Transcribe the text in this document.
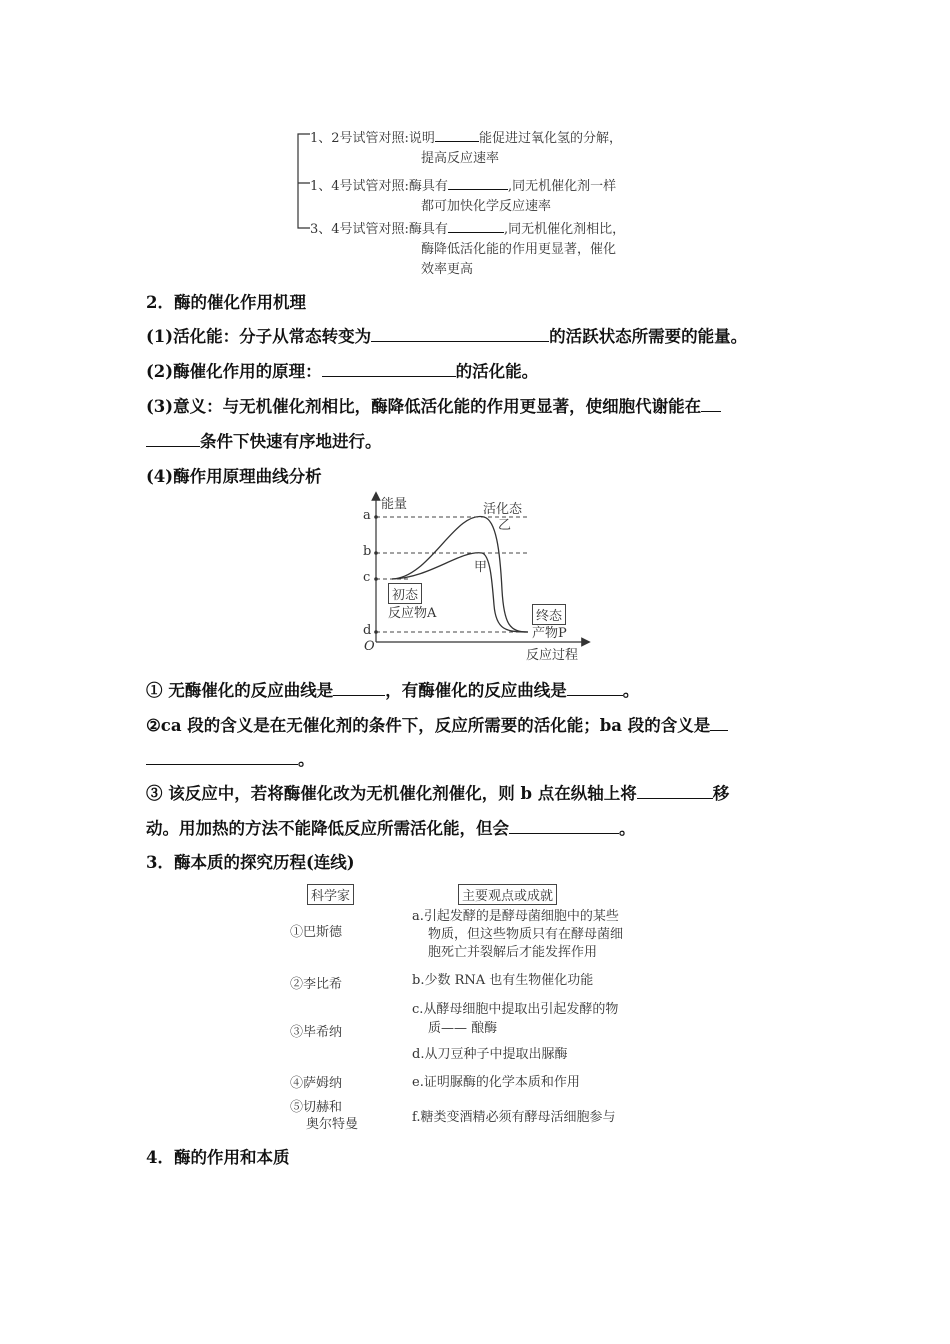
1、2号试管对照:说明	能促进过氧化氢的分解，
提高反应速率
1、4号试管对照:酶具有	,同无机催化剂一样
都可加快化学反应速率
3、4号试管对照:酶具有	,同无机催化剂相比，
酶降低活化能的作用更显著，催化
效率更高
2．酶的催化作用机理
(1)活化能：分子从常态转变为	的活跃状态所需要的能量。
(2)酶催化作用的原理：	的活化能。
(3)意义：与无机催化剂相比，酶降低活化能的作用更显著，使细胞代谢能在
条件下快速有序地进行。
(4)酶作用原理曲线分析
能量
a
b
c
d
O
活化态
乙
甲
初态
反应物A	终态
产物P
反应过程
① 无酶催化的反应曲线是	，有酶催化的反应曲线是	。
②ca 段的含义是在无催化剂的条件下，反应所需要的活化能；ba 段的含义是
。
③ 该反应中，若将酶催化改为无机催化剂催化，则 b 点在纵轴上将	移
动。用加热的方法不能降低反应所需活化能，但会	。
3．酶本质的探究历程(连线)
科学家	主要观点或成就
①巴斯德
②李比希
③毕希纳
④萨姆纳
⑤切赫和
奥尔特曼
a.引起发酵的是酵母菌细胞中的某些
物质，但这些物质只有在酵母菌细
胞死亡并裂解后才能发挥作用
b.少数 RNA 也有生物催化功能
c.从酵母细胞中提取出引起发酵的物
质—— 酿酶
d.从刀豆种子中提取出脲酶
e.证明脲酶的化学本质和作用
f.糖类变酒精必须有酵母活细胞参与
4．酶的作用和本质
